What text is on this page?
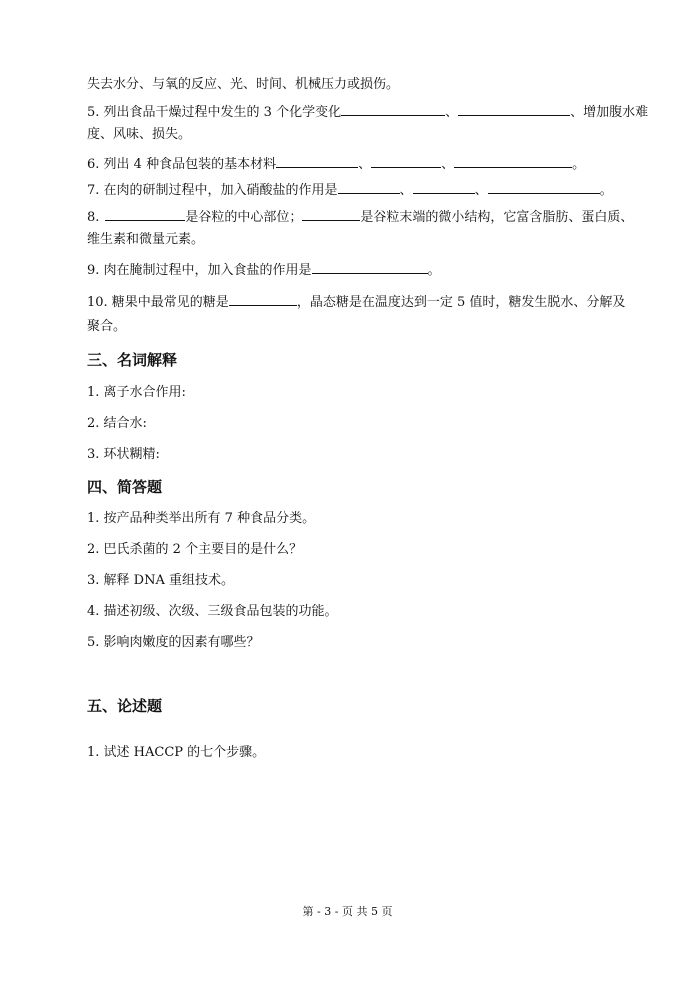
失去水分、与氧的反应、光、时间、机械压力或损伤。
5. 列出食品干燥过程中发生的 3 个化学变化	、	、增加腹水难
度、风味、损失。
6. 列出 4 种食品包装的基本材料	、	、	。
7. 在肉的研制过程中，加入硝酸盐的作用是	、	、	。
8.	是谷粒的中心部位；	是谷粒末端的微小结构，它富含脂肪、蛋白质、
维生素和微量元素。
9. 肉在腌制过程中，加入食盐的作用是	。
10. 糖果中最常见的糖是	，晶态糖是在温度达到一定 5 值时，糖发生脱水、分解及
聚合。
三、名词解释
1. 离子水合作用:
2. 结合水:
3. 环状糊精:
四、简答题
1. 按产品种类举出所有 7 种食品分类。
2. 巴氏杀菌的 2 个主要目的是什么？
3. 解释 DNA 重组技术。
4. 描述初级、次级、三级食品包装的功能。
5. 影响肉嫩度的因素有哪些？
五、论述题
1. 试述 HACCP 的七个步骤。
第 - 3 - 页 共 5 页
